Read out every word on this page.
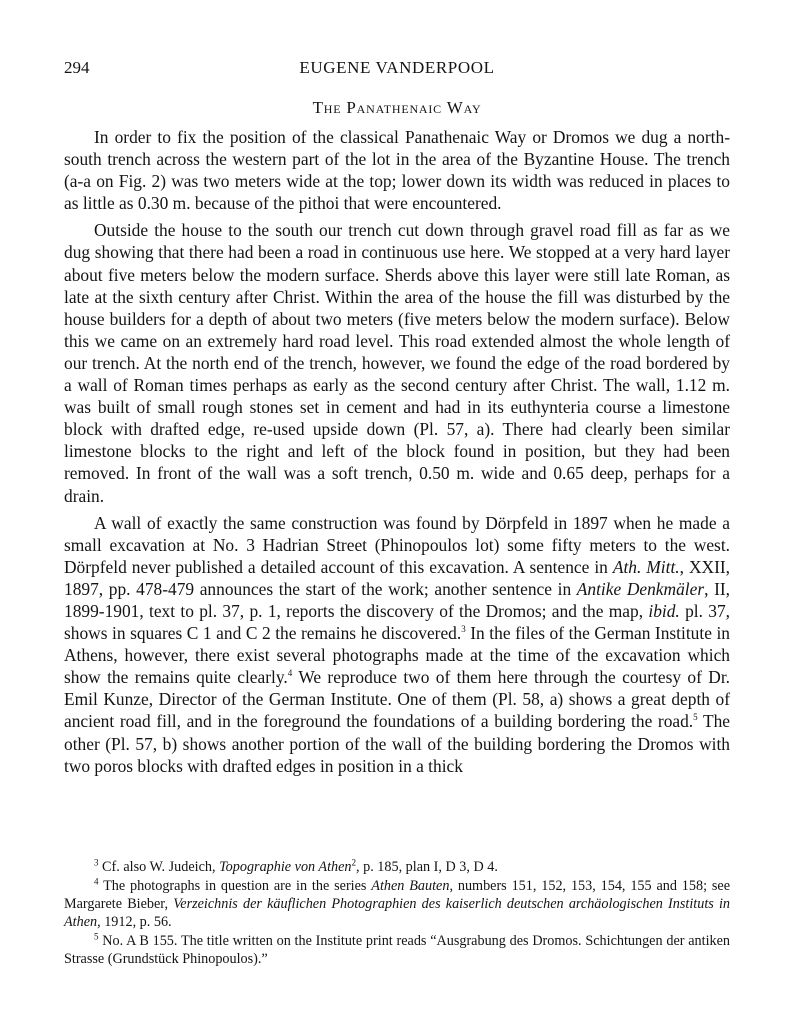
294	EUGENE VANDERPOOL
The Panathenaic Way

In order to fix the position of the classical Panathenaic Way or Dromos we dug a north-south trench across the western part of the lot in the area of the Byzantine House. The trench (a-a on Fig. 2) was two meters wide at the top; lower down its width was reduced in places to as little as 0.30 m. because of the pithoi that were encountered.

Outside the house to the south our trench cut down through gravel road fill as far as we dug showing that there had been a road in continuous use here. We stopped at a very hard layer about five meters below the modern surface. Sherds above this layer were still late Roman, as late at the sixth century after Christ. Within the area of the house the fill was disturbed by the house builders for a depth of about two meters (five meters below the modern surface). Below this we came on an extremely hard road level. This road extended almost the whole length of our trench. At the north end of the trench, however, we found the edge of the road bordered by a wall of Roman times perhaps as early as the second century after Christ. The wall, 1.12 m. was built of small rough stones set in cement and had in its euthynteria course a limestone block with drafted edge, re-used upside down (Pl. 57, a). There had clearly been similar limestone blocks to the right and left of the block found in position, but they had been removed. In front of the wall was a soft trench, 0.50 m. wide and 0.65 deep, perhaps for a drain.

A wall of exactly the same construction was found by Dörpfeld in 1897 when he made a small excavation at No. 3 Hadrian Street (Phinopoulos lot) some fifty meters to the west. Dörpfeld never published a detailed account of this excavation. A sentence in Ath. Mitt., XXII, 1897, pp. 478-479 announces the start of the work; another sentence in Antike Denkmäler, II, 1899-1901, text to pl. 37, p. 1, reports the discovery of the Dromos; and the map, ibid. pl. 37, shows in squares C 1 and C 2 the remains he discovered.$^3$ In the files of the German Institute in Athens, however, there exist several photographs made at the time of the excavation which show the remains quite clearly.$^4$ We reproduce two of them here through the courtesy of Dr. Emil Kunze, Director of the German Institute. One of them (Pl. 58, a) shows a great depth of ancient road fill, and in the foreground the foundations of a building bordering the road.$^5$ The other (Pl. 57, b) shows another portion of the wall of the building bordering the Dromos with two poros blocks with drafted edges in position in a thick

$^3$ Cf. also W. Judeich, Topographie von Athen$^2$, p. 185, plan I, D 3, D 4.

$^4$ The photographs in question are in the series Athen Bauten, numbers 151, 152, 153, 154, 155 and 158; see Margarete Bieber, Verzeichnis der käuflichen Photographien des kaiserlich deutschen archäologischen Instituts in Athen, 1912, p. 56.

$^5$ No. A B 155. The title written on the Institute print reads “Ausgrabung des Dromos. Schichtungen der antiken Strasse (Grundstück Phinopoulos).”
